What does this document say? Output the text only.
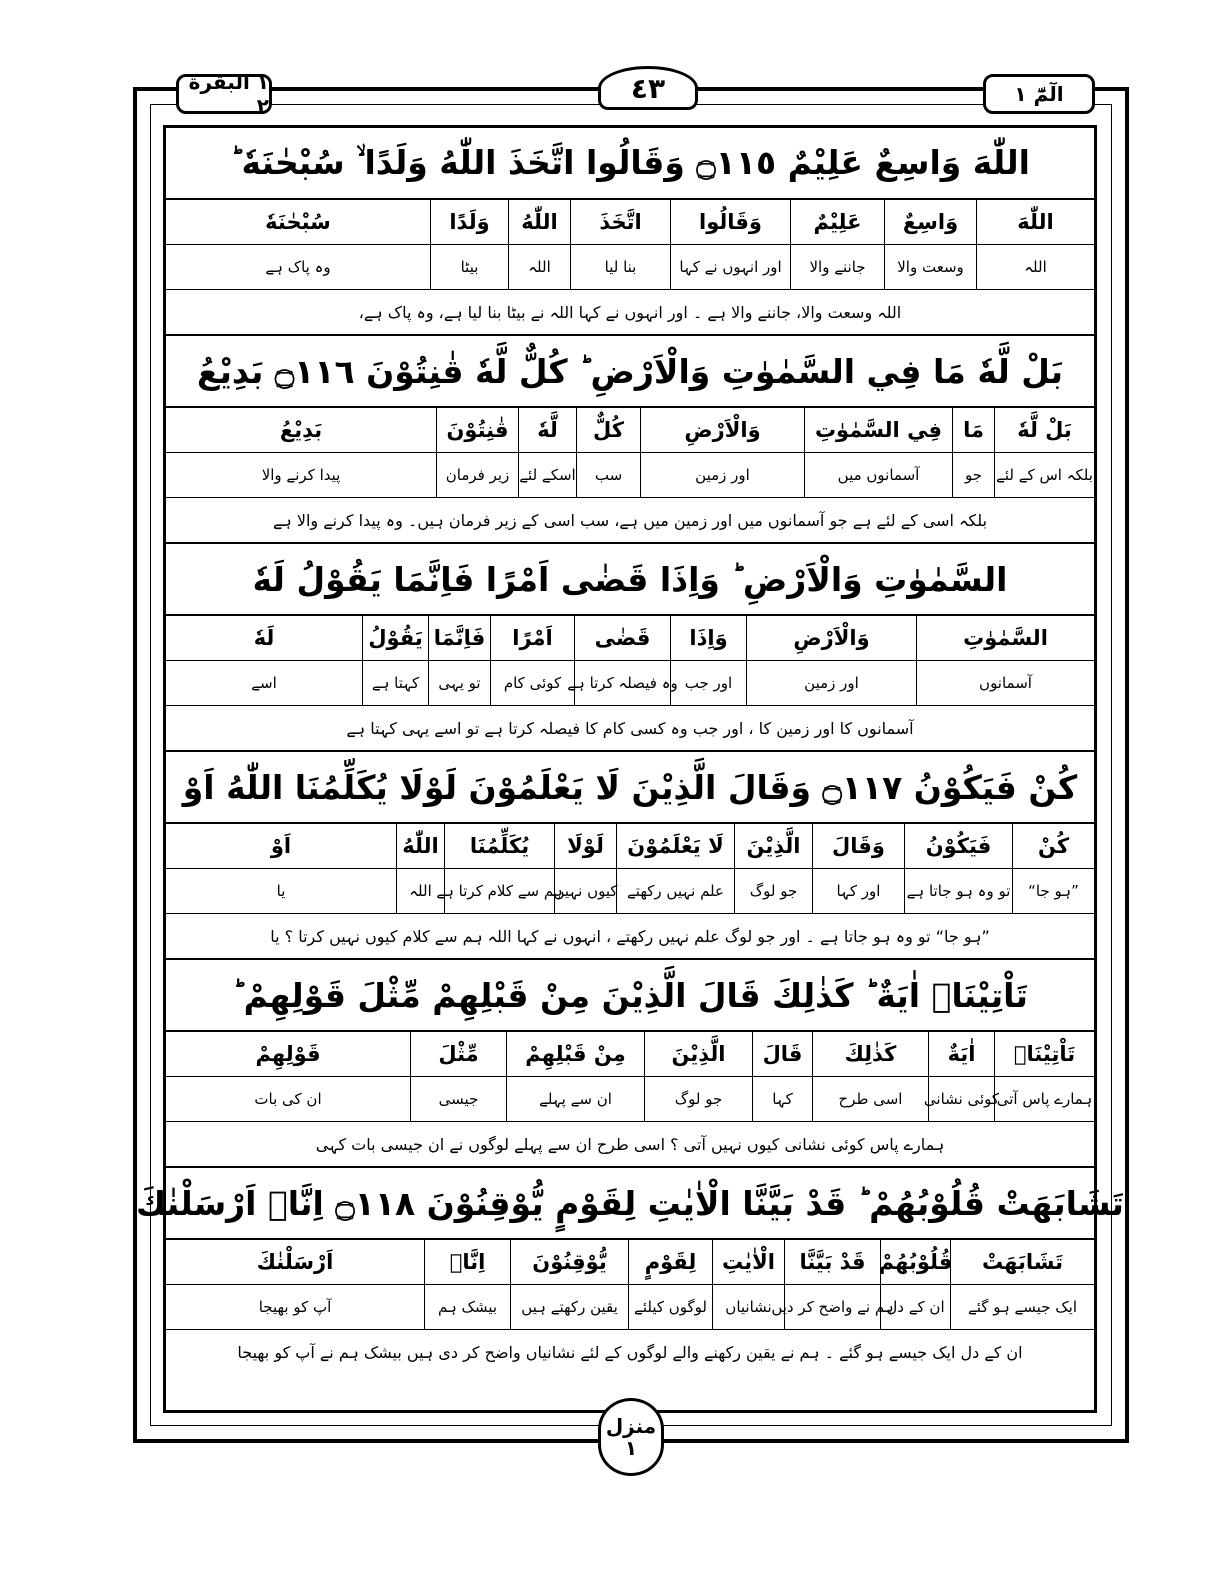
١ البقرة ٢
٤٣	الٓمّٓ ١
اللّٰهَ وَاسِعٌ عَلِيْمٌ ۝١١٥ وَقَالُوا اتَّخَذَ اللّٰهُ وَلَدًا ۙ سُبْحٰنَهٗ ؕ
اللّٰهَ
وَاسِعٌ
عَلِيْمٌ
وَقَالُوا
اتَّخَذَ
اللّٰهُ
وَلَدًا
سُبْحٰنَهٗ
اللہ
وسعت والا
جاننے والا
اور انہوں نے کہا
بنا لیا
اللہ
بیٹا
وہ پاک ہے
اللہ وسعت والا، جاننے والا ہے ۔ اور انہوں نے کہا اللہ نے بیٹا بنا لیا ہے، وہ پاک ہے،
بَلْ لَّهٗ مَا فِي السَّمٰوٰتِ وَالْاَرْضِ ؕ كُلٌّ لَّهٗ قٰنِتُوْنَ ۝١١٦ بَدِيْعُ
بَلْ لَّهٗ
مَا
فِي السَّمٰوٰتِ
وَالْاَرْضِ
كُلٌّ
لَّهٗ
قٰنِتُوْنَ
بَدِيْعُ
بلکہ اس کے لئے
جو
آسمانوں میں
اور زمین
سب
اسکے لئے
زیر فرمان
پیدا کرنے والا
بلکہ اسی کے لئے ہے جو آسمانوں میں اور زمین میں ہے، سب اسی کے زیر فرمان ہیں۔ وہ پیدا کرنے والا ہے
السَّمٰوٰتِ وَالْاَرْضِ ؕ وَاِذَا قَضٰى اَمْرًا فَاِنَّمَا يَقُوْلُ لَهٗ
السَّمٰوٰتِ
وَالْاَرْضِ
وَاِذَا
قَضٰى
اَمْرًا
فَاِنَّمَا
يَقُوْلُ
لَهٗ
آسمانوں
اور زمین
اور جب
وہ فیصلہ کرتا ہے
کوئی کام
تو یہی
کہتا ہے
اسے
آسمانوں کا اور زمین کا ، اور جب وہ کسی کام کا فیصلہ کرتا ہے تو اسے یہی کہتا ہے
كُنْ فَيَكُوْنُ ۝١١٧ وَقَالَ الَّذِيْنَ لَا يَعْلَمُوْنَ لَوْلَا يُكَلِّمُنَا اللّٰهُ اَوْ
كُنْ
فَيَكُوْنُ
وَقَالَ
الَّذِيْنَ
لَا يَعْلَمُوْنَ
لَوْلَا
يُكَلِّمُنَا
اللّٰهُ
اَوْ
”ہو جا“
تو وہ ہو جاتا ہے
اور کہا
جو لوگ
علم نہیں رکھتے
کیوں نہیں
ہم سے کلام کرتا ہے
اللہ
یا
”ہو جا“ تو وہ ہو جاتا ہے ۔ اور جو لوگ علم نہیں رکھتے ، انہوں نے کہا اللہ ہم سے کلام کیوں نہیں کرتا ؟ یا
تَاْتِيْنَاۤ اٰيَةٌ ؕ كَذٰلِكَ قَالَ الَّذِيْنَ مِنْ قَبْلِهِمْ مِّثْلَ قَوْلِهِمْ ؕ
تَاْتِيْنَاۤ
اٰيَةٌ
كَذٰلِكَ
قَالَ
الَّذِيْنَ
مِنْ قَبْلِهِمْ
مِّثْلَ
قَوْلِهِمْ
ہمارے پاس آتی
کوئی نشانی
اسی طرح
کہا
جو لوگ
ان سے پہلے
جیسی
ان کی بات
ہمارے پاس کوئی نشانی کیوں نہیں آتی ؟ اسی طرح ان سے پہلے لوگوں نے ان جیسی بات کہی
تَشَابَهَتْ قُلُوْبُهُمْ ؕ قَدْ بَيَّنَّا الْاٰيٰتِ لِقَوْمٍ يُّوْقِنُوْنَ ۝١١٨ اِنَّاۤ اَرْسَلْنٰكَ
تَشَابَهَتْ
قُلُوْبُهُمْ
قَدْ بَيَّنَّا
الْاٰيٰتِ
لِقَوْمٍ
يُّوْقِنُوْنَ
اِنَّاۤ
اَرْسَلْنٰكَ
ایک جیسے ہو گئے
ان کے دل
ہم نے واضح کر دیں
نشانیاں
لوگوں کیلئے
یقین رکھتے ہیں
بیشک ہم
آپ کو بھیجا
ان کے دل ایک جیسے ہو گئے ۔ ہم نے یقین رکھنے والے لوگوں کے لئے نشانیاں واضح کر دی ہیں بیشک ہم نے آپ کو بھیجا
منزل
١
